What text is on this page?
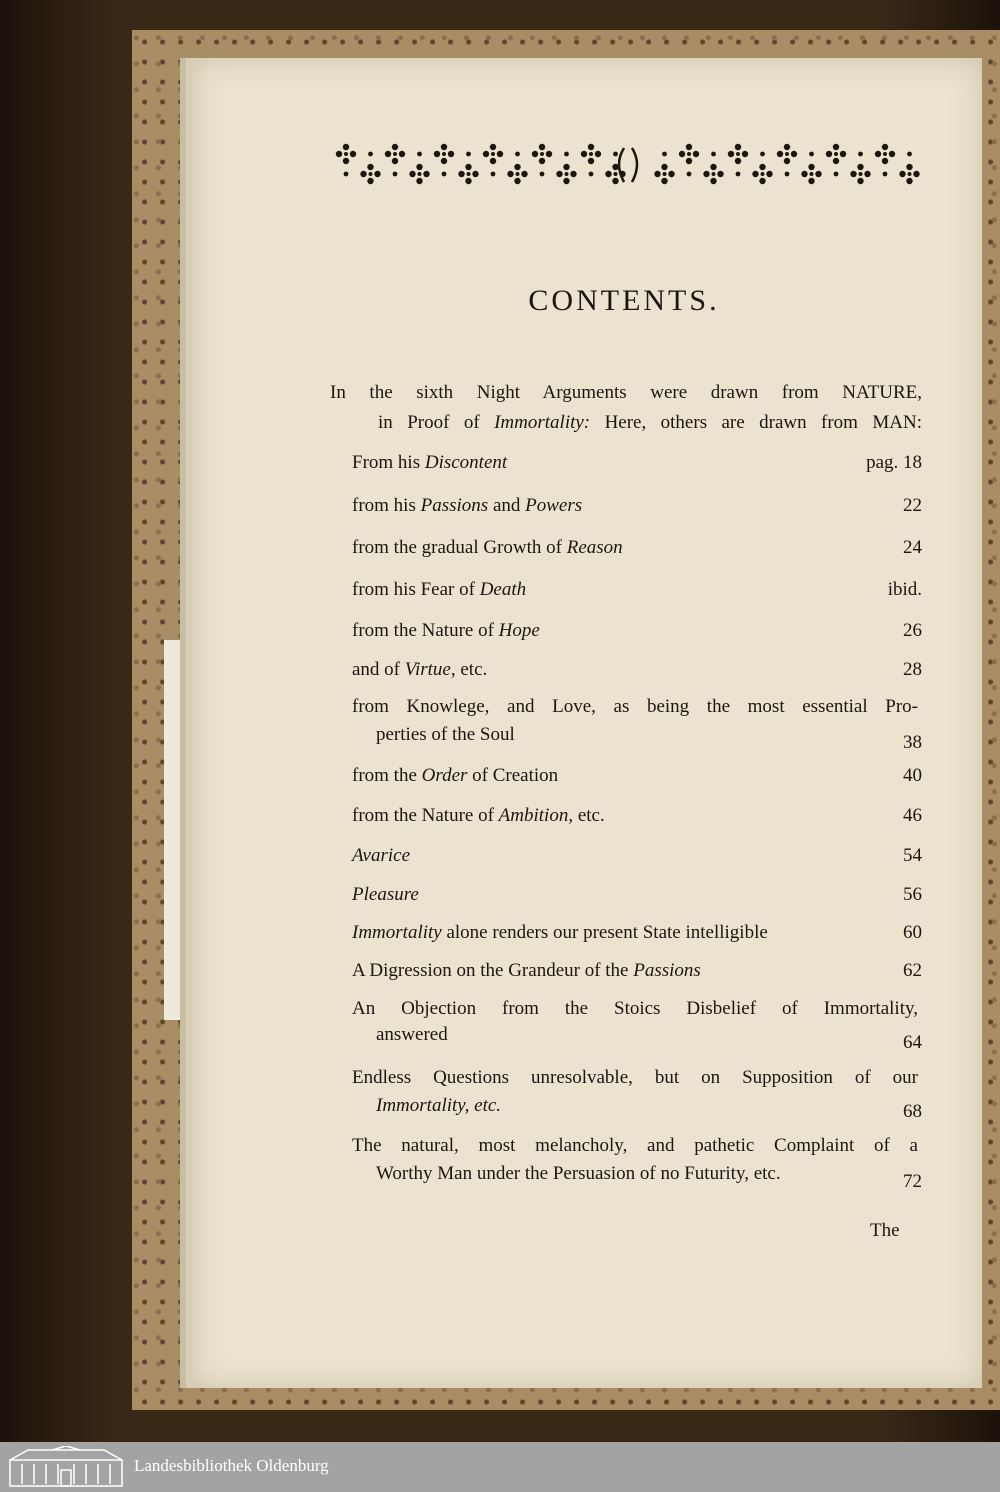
CONTENTS.
In the sixth Night Arguments were drawn from NATURE,
in Proof of Immortality: Here, others are drawn from MAN:
From his Discontent	pag. 18
from his Passions and Powers	22
from the gradual Growth of Reason	24
from his Fear of Death	ibid.
from the Nature of Hope	26
and of Virtue, etc.	28
from Knowlege, and Love, as being the most essential Pro-
perties of the Soul	38
from the Order of Creation	40
from the Nature of Ambition, etc.	46
Avarice	54
Pleasure	56
Immortality alone renders our present State intelligible	60
A Digression on the Grandeur of the Passions	62
An Objection from the Stoics Disbelief of Immortality,
answered	64
Endless Questions unresolvable, but on Supposition of our
Immortality, etc.	68
The natural, most melancholy, and pathetic Complaint of a
Worthy Man under the Persuasion of no Futurity, etc.	72
The
Landesbibliothek Oldenburg
